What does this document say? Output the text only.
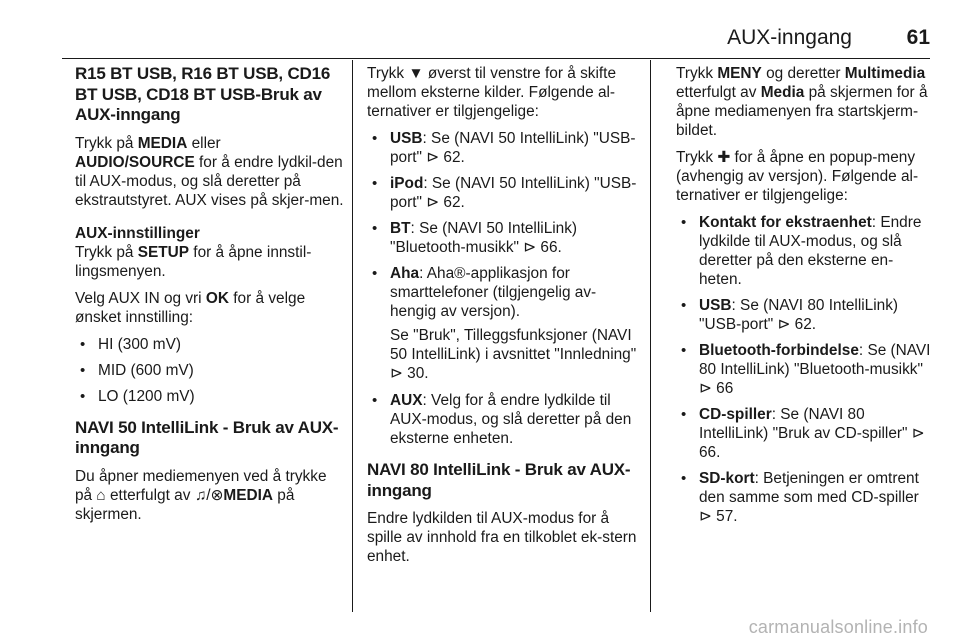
AUX-inngang	61
R15 BT USB, R16 BT USB, CD16 BT USB, CD18 BT USB-Bruk av AUX-inngang

Trykk på MEDIA eller
AUDIO/SOURCE for å endre lydkil-den til AUX-modus, og slå deretter på ekstrautstyret. AUX vises på skjer-men.

AUX-innstillinger

Trykk på SETUP for å åpne innstil-lingsmenyen.

Velg AUX IN og vri OK for å velge ønsket innstilling:

• HI (300 mV)
• MID (600 mV)
• LO (1200 mV)
NAVI 50 IntelliLink - Bruk av AUX-inngang

Du åpner mediemenyen ved å trykke på ⌂ etterfulgt av ♫/⊗MEDIA på skjermen.

Trykk ▼ øverst til venstre for å skifte mellom eksterne kilder. Følgende al-ternativer er tilgjengelige:

• USB: Se (NAVI 50 IntelliLink) "USB-port" ⊳ 62.
• iPod: Se (NAVI 50 IntelliLink) "USB-port" ⊳ 62.
• BT: Se (NAVI 50 IntelliLink) "Bluetooth-musikk" ⊳ 66.
• Aha: Aha®-applikasjon for smarttelefoner (tilgjengelig av-hengig av versjon).

Se "Bruk", Tilleggsfunksjoner (NAVI 50 IntelliLink) i avsnittet "Innledning" ⊳ 30.

• AUX: Velg for å endre lydkilde til AUX-modus, og slå deretter på den eksterne enheten.
NAVI 80 IntelliLink - Bruk av AUX-inngang

Endre lydkilden til AUX-modus for å spille av innhold fra en tilkoblet ek-stern enhet.

Trykk MENY og deretter Multimedia etterfulgt av Media på skjermen for å åpne mediamenyen fra startskjerm-bildet.

Trykk ✚ for å åpne en popup-meny (avhengig av versjon). Følgende al-ternativer er tilgjengelige:

• Kontakt for ekstraenhet: Endre lydkilde til AUX-modus, og slå deretter på den eksterne en-heten.
• USB: Se (NAVI 80 IntelliLink) "USB-port" ⊳ 62.
• Bluetooth-forbindelse: Se (NAVI 80 IntelliLink) "Bluetooth-musikk" ⊳ 66
• CD-spiller: Se (NAVI 80 IntelliLink) "Bruk av CD-spiller" ⊳ 66.
• SD-kort: Betjeningen er omtrent den samme som med CD-spiller ⊳ 57.
carmanualsonline.info
